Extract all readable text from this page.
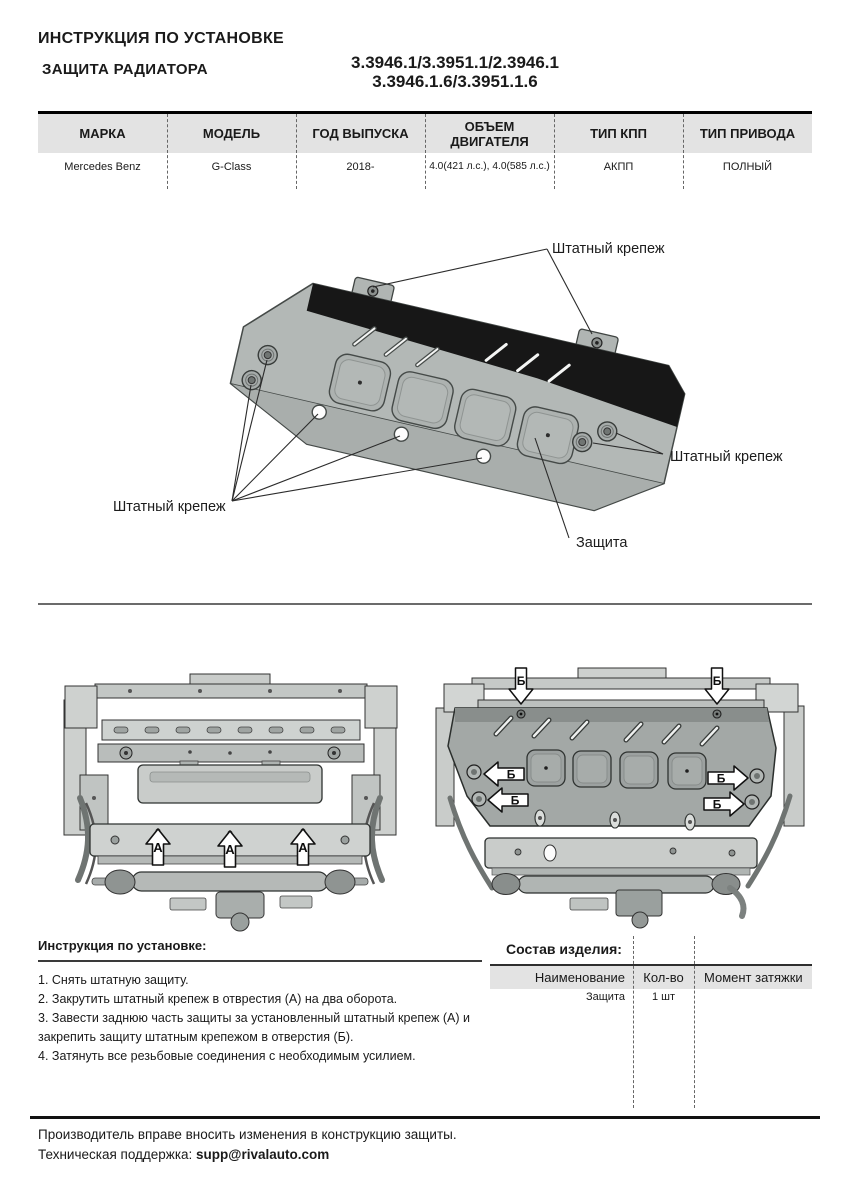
ИНСТРУКЦИЯ ПО УСТАНОВКЕ
ЗАЩИТА РАДИАТОРА	3.3946.1/3.3951.1/2.3946.1
3.3946.1.6/3.3951.1.6
МАРКА	МОДЕЛЬ	ГОД ВЫПУСКА	ОБЪЕМ ДВИГАТЕЛЯ	ТИП КПП	ТИП ПРИВОДА
Mercedes Benz	G-Class	2018-	4.0(421 л.с.), 4.0(585 л.с.)	АКПП	ПОЛНЫЙ
Штатный крепеж
Штатный крепеж
Штатный крепеж
Защита
А	А	А
Б	Б
Б
Б
Б
Б
Инструкция по установке:
1. Снять штатную защиту.
2. Закрутить штатный крепеж в отврестия (А) на два оборота.
3. Завести заднюю часть защиты за установленный штатный крепеж (А) и закрепить защиту штатным крепежом в отверстия (Б).
4. Затянуть все резьбовые соединения с необходимым усилием.
Состав изделия:
Наименование	Кол-во	Момент затяжки
Защита	1 шт
Производитель вправе вносить изменения в конструкцию защиты.
Техническая поддержка: supp@rivalauto.com
